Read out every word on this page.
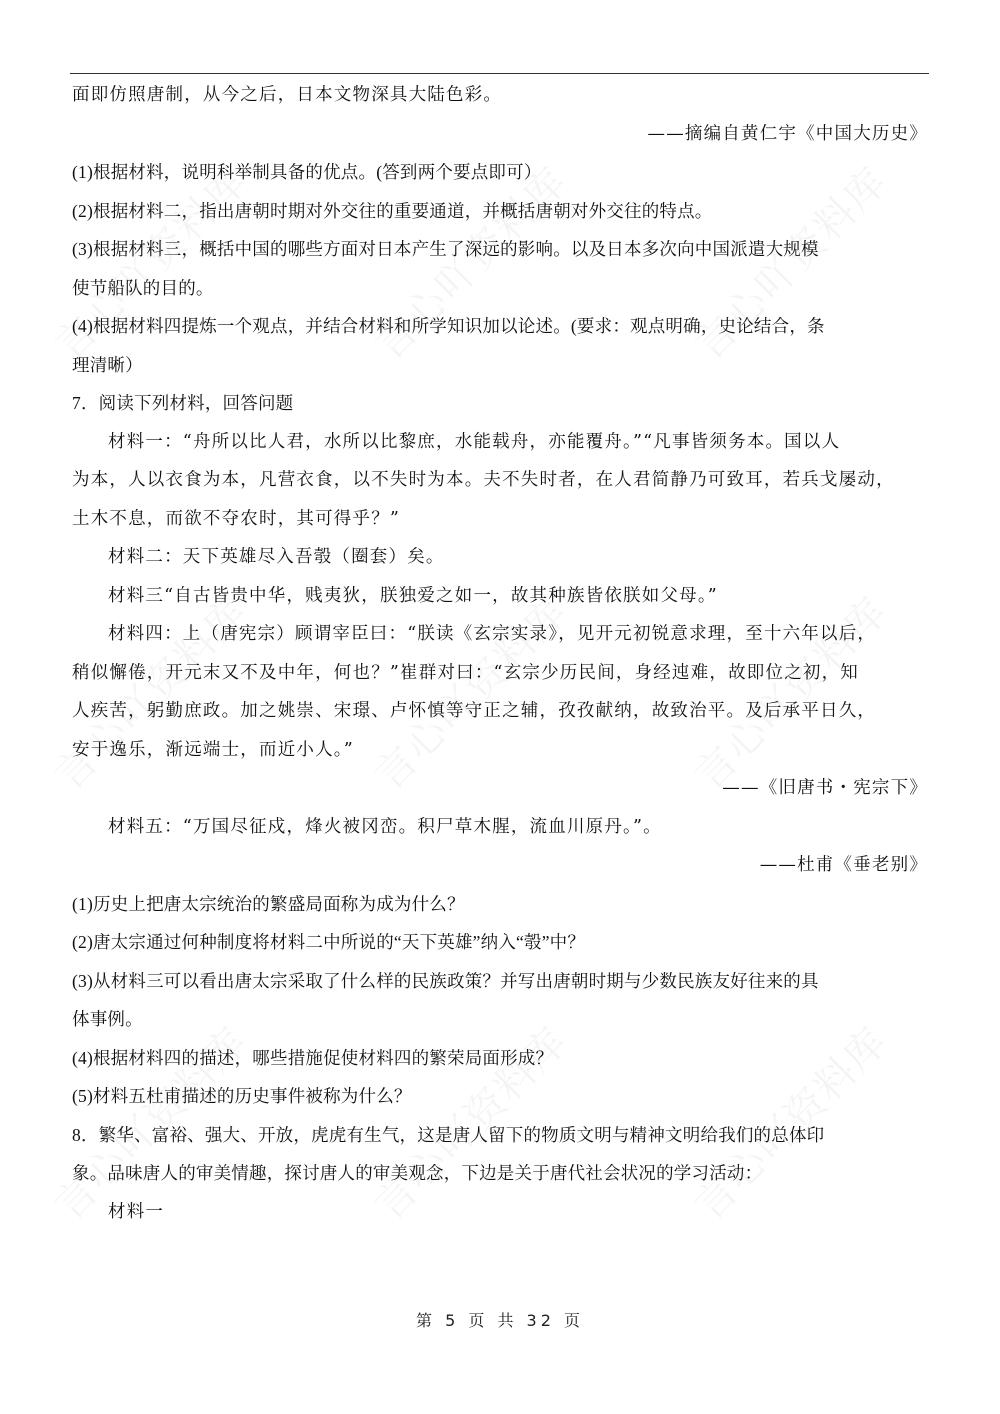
面即仿照唐制，从今之后，日本文物深具大陆色彩。
——摘编自黄仁宇《中国大历史》
(1)根据材料，说明科举制具备的优点。(答到两个要点即可）
(2)根据材料二，指出唐朝时期对外交往的重要通道，并概括唐朝对外交往的特点。
(3)根据材料三，概括中国的哪些方面对日本产生了深远的影响。以及日本多次向中国派遣大规模
使节船队的目的。
(4)根据材料四提炼一个观点，并结合材料和所学知识加以论述。(要求：观点明确，史论结合，条
理清晰）
7．阅读下列材料，回答问题
材料一：“舟所以比人君，水所以比黎庶，水能载舟，亦能覆舟。”“凡事皆须务本。国以人
为本，人以衣食为本，凡营衣食，以不失时为本。夫不失时者，在人君简静乃可致耳，若兵戈屡动，
土木不息，而欲不夺农时，其可得乎？”
材料二：天下英雄尽入吾彀（圈套）矣。
材料三“自古皆贵中华，贱夷狄，朕独爱之如一，故其种族皆依朕如父母。”
材料四：上（唐宪宗）顾谓宰臣曰：“朕读《玄宗实录》，见开元初锐意求理，至十六年以后，
稍似懈倦，开元末又不及中年，何也？”崔群对曰：“玄宗少历民间，身经迍难，故即位之初，知
人疾苦，躬勤庶政。加之姚崇、宋璟、卢怀慎等守正之辅，孜孜献纳，故致治平。及后承平日久，
安于逸乐，渐远端士，而近小人。”
——《旧唐书・宪宗下》
材料五：“万国尽征戍，烽火被冈峦。积尸草木腥，流血川原丹。”。
——杜甫《垂老别》
(1)历史上把唐太宗统治的繁盛局面称为成为什么？
(2)唐太宗通过何种制度将材料二中所说的“天下英雄”纳入“彀”中？
(3)从材料三可以看出唐太宗采取了什么样的民族政策？并写出唐朝时期与少数民族友好往来的具
体事例。
(4)根据材料四的描述，哪些措施促使材料四的繁荣局面形成？
(5)材料五杜甫描述的历史事件被称为什么？
8．繁华、富裕、强大、开放，虎虎有生气，这是唐人留下的物质文明与精神文明给我们的总体印
象。品味唐人的审美情趣，探讨唐人的审美观念，下边是关于唐代社会状况的学习活动：
材料一
第 5 页 共 32 页
